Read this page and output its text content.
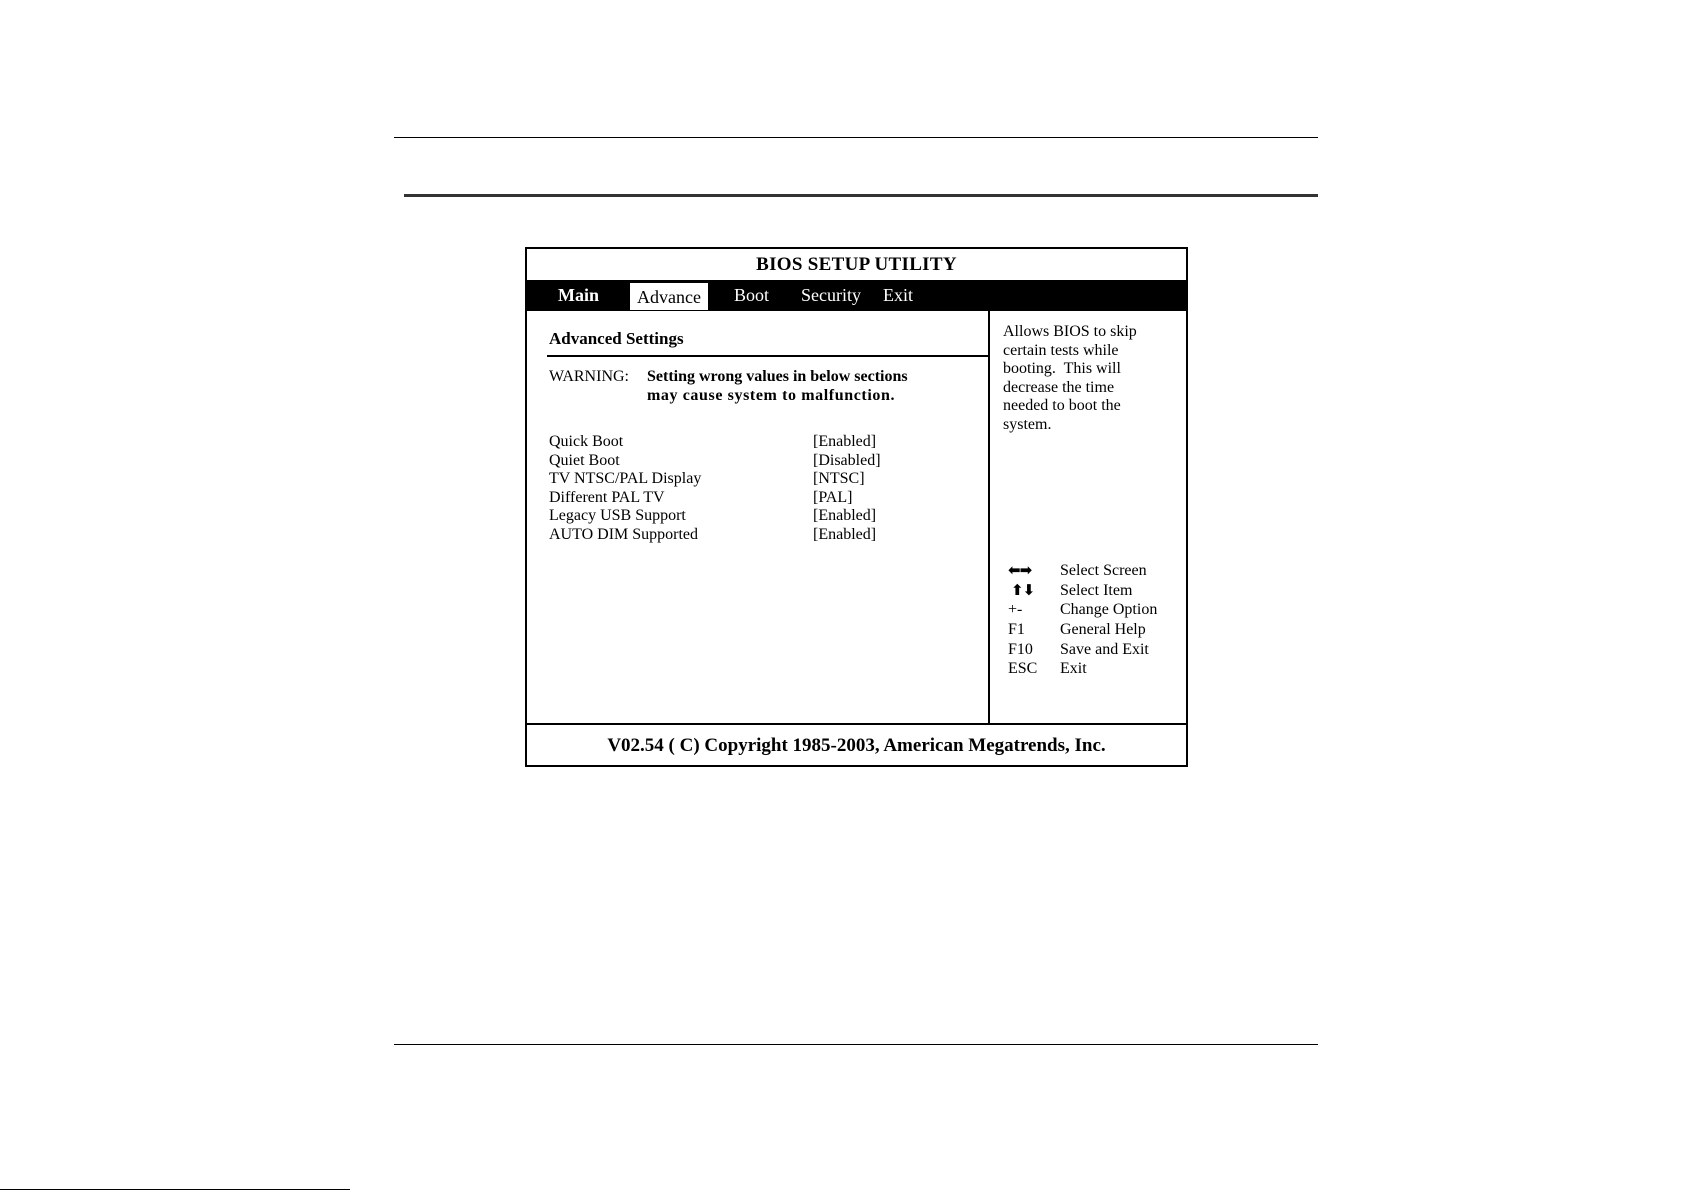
BIOS SETUP UTILITY
Main	Advance	Boot Security Exit
Advanced Settings
WARNING: Setting wrong values in below sections
may cause system to malfunction.
Quick Boot	[Enabled]
Quiet Boot	[Disabled]
TV NTSC/PAL Display	[NTSC]
Different PAL TV	[PAL]
Legacy USB Support	[Enabled]
AUTO DIM Supported	[Enabled]
Allows BIOS to skip
certain tests while
booting.  This will
decrease the time
needed to boot the
system.
⬅➡	Select Screen
⬆⬇	Select Item
+-	Change Option
F1	General Help
F10	Save and Exit
ESC	Exit
V02.54 ( C) Copyright 1985-2003, American Megatrends, Inc.
